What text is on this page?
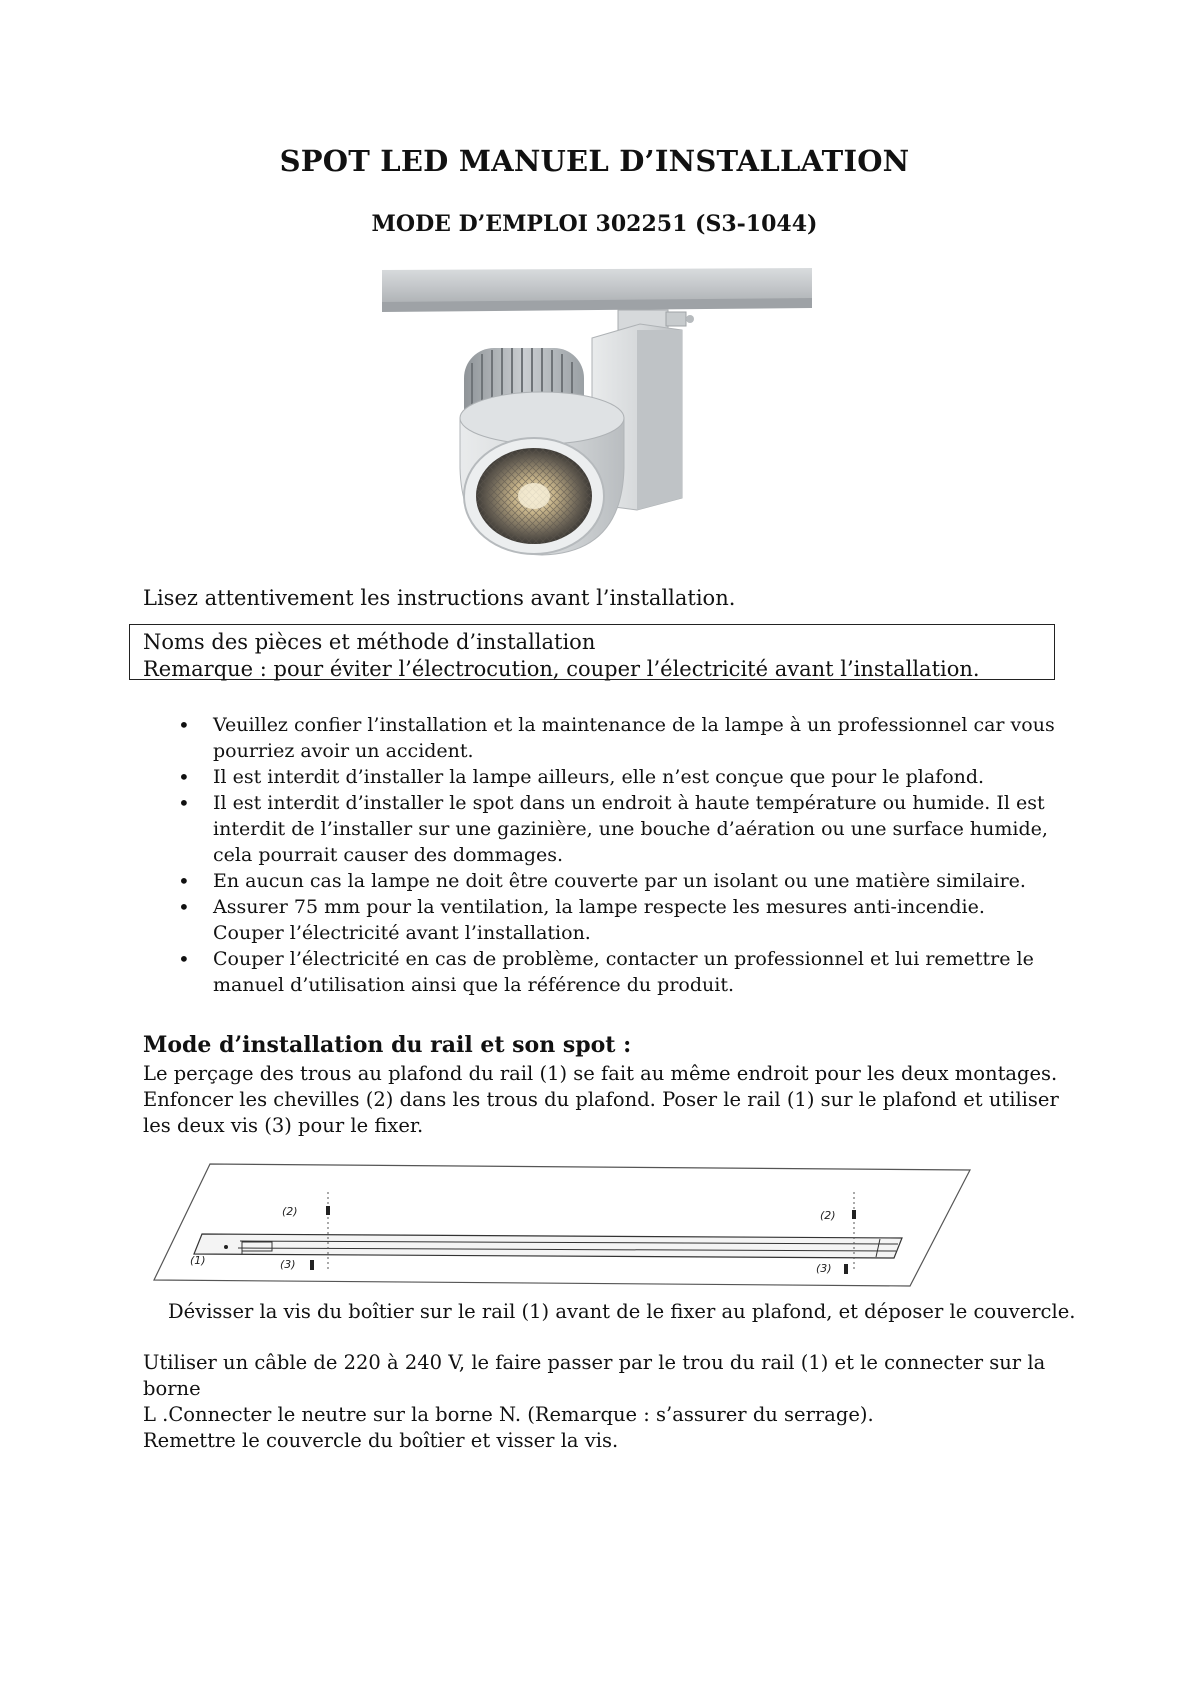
SPOT LED MANUEL D’INSTALLATION
MODE D’EMPLOI 302251 (S3-1044)
Lisez attentivement les instructions avant l’installation.
Noms des pièces et méthode d’installation
Remarque : pour éviter l’électrocution, couper l’électricité avant l’installation.
• Veuillez confier l’installation et la maintenance de la lampe à un professionnel car vous pourriez avoir un accident.
• Il est interdit d’installer la lampe ailleurs, elle n’est conçue que pour le plafond.
• Il est interdit d’installer le spot dans un endroit à haute température ou humide. Il est interdit de l’installer sur une gazinière, une bouche d’aération ou une surface humide, cela pourrait causer des dommages.
• En aucun cas la lampe ne doit être couverte par un isolant ou une matière similaire.
• Assurer 75 mm pour la ventilation, la lampe respecte les mesures anti-incendie. Couper l’électricité avant l’installation.
• Couper l’électricité en cas de problème, contacter un professionnel et lui remettre le manuel d’utilisation ainsi que la référence du produit.
Mode d’installation du rail et son spot :
Le perçage des trous au plafond du rail (1) se fait au même endroit pour les deux montages. Enfoncer les chevilles (2) dans les trous du plafond. Poser le rail (1) sur le plafond et utiliser les deux vis (3) pour le fixer.
(2)	(2)
(1)	(3)	(3)
Dévisser la vis du boîtier sur le rail (1) avant de le fixer au plafond, et déposer le couvercle.
Utiliser un câble de 220 à 240 V, le faire passer par le trou du rail (1) et le connecter sur la borne
L .Connecter le neutre sur la borne N. (Remarque : s’assurer du serrage).
Remettre le couvercle du boîtier et visser la vis.
